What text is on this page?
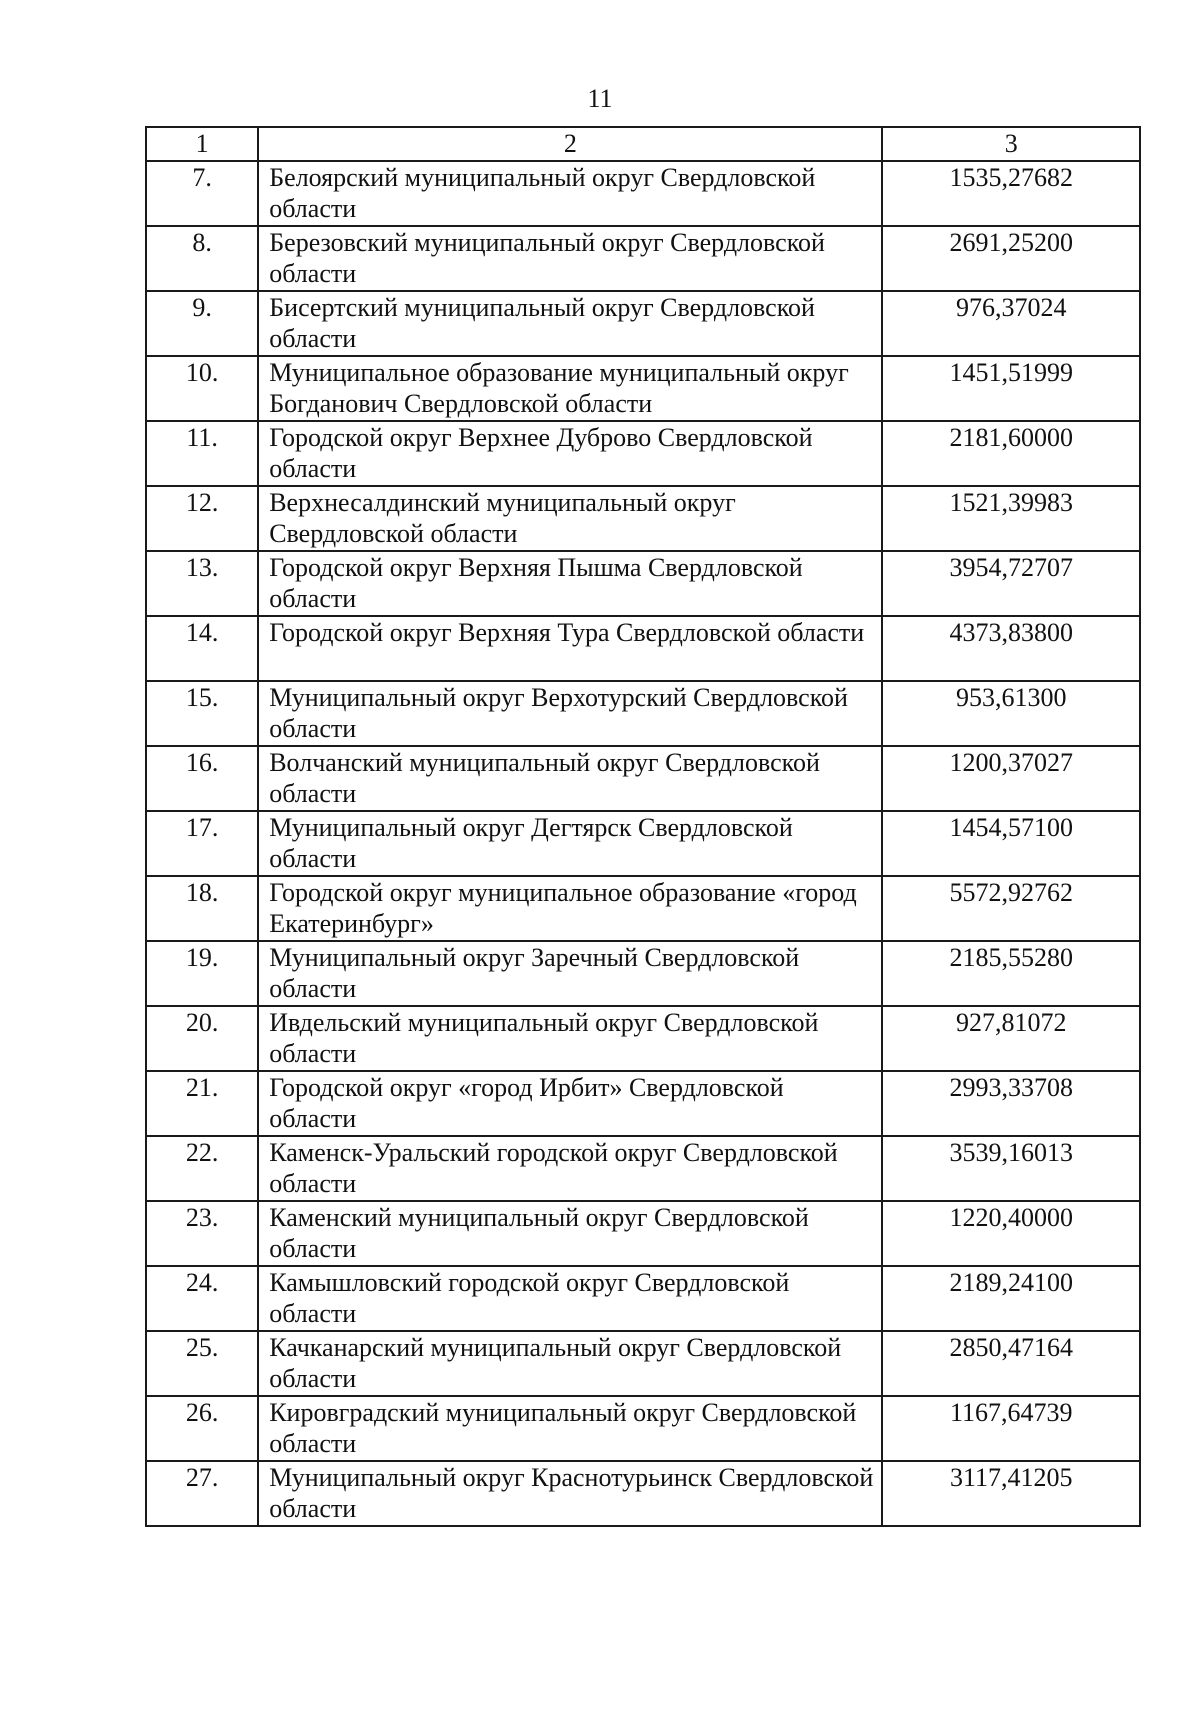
11
1	2	3
7.	Белоярский муниципальный округ Свердловской области	1535,27682
8.	Березовский муниципальный округ Свердловской области	2691,25200
9.	Бисертский муниципальный округ Свердловской области	976,37024
10.	Муниципальное образование муниципальный округ Богданович Свердловской области	1451,51999
11.	Городской округ Верхнее Дуброво Свердловской области	2181,60000
12.	Верхнесалдинский муниципальный округ Свердловской области	1521,39983
13.	Городской округ Верхняя Пышма Свердловской области	3954,72707
14.	Городской округ Верхняя Тура Свердловской области	4373,83800
15.	Муниципальный округ Верхотурский Свердловской области	953,61300
16.	Волчанский муниципальный округ Свердловской области	1200,37027
17.	Муниципальный округ Дегтярск Свердловской области	1454,57100
18.	Городской округ муниципальное образование «город Екатеринбург»	5572,92762
19.	Муниципальный округ Заречный Свердловской области	2185,55280
20.	Ивдельский муниципальный округ Свердловской области	927,81072
21.	Городской округ «город Ирбит» Свердловской области	2993,33708
22.	Каменск-Уральский городской округ Свердловской области	3539,16013
23.	Каменский муниципальный округ Свердловской области	1220,40000
24.	Камышловский городской округ Свердловской области	2189,24100
25.	Качканарский муниципальный округ Свердловской области	2850,47164
26.	Кировградский муниципальный округ Свердловской области	1167,64739
27.	Муниципальный округ Краснотурьинск Свердловской области	3117,41205
